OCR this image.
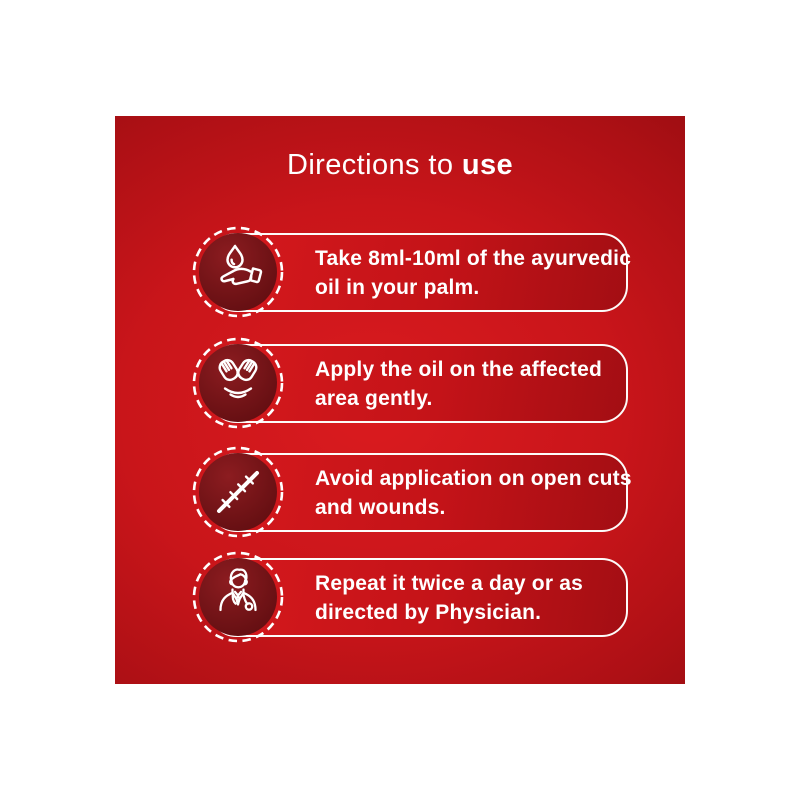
Directions to use
Take 8ml-10ml of the ayurvedic
oil in your palm.
Apply the oil on the affected
area gently.
Avoid application on open cuts
and wounds.
Repeat it twice a day or as
directed by Physician.
